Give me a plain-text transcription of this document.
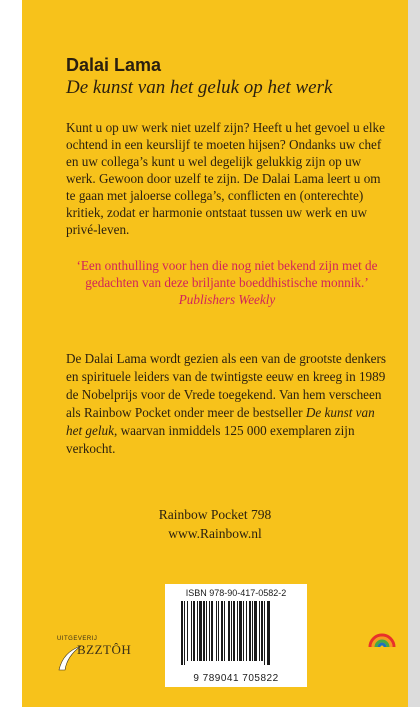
Dalai Lama
De kunst van het geluk op het werk
Kunt u op uw werk niet uzelf zijn? Heeft u het gevoel u elke ochtend in een keurslijf te moeten hijsen? Ondanks uw chef en uw collega’s kunt u wel degelijk gelukkig zijn op uw werk. Gewoon door uzelf te zijn. De Dalai Lama leert u om te gaan met jaloerse collega’s, conflicten en (onterechte) kritiek, zodat er harmonie ontstaat tussen uw werk en uw privé-leven.
‘Een onthulling voor hen die nog niet bekend zijn met de gedachten van deze briljante boeddhistische monnik.’
Publishers Weekly
De Dalai Lama wordt gezien als een van de grootste denkers en spirituele leiders van de twintigste eeuw en kreeg in 1989 de Nobelprijs voor de Vrede toegekend. Van hem verscheen als Rainbow Pocket onder meer de bestseller De kunst van het geluk, waarvan inmiddels 125 000 exemplaren zijn verkocht.
Rainbow Pocket 798
www.Rainbow.nl
ISBN 978-90-417-0582-2
9 789041 705822
UITGEVERIJ
BZZTÔH
